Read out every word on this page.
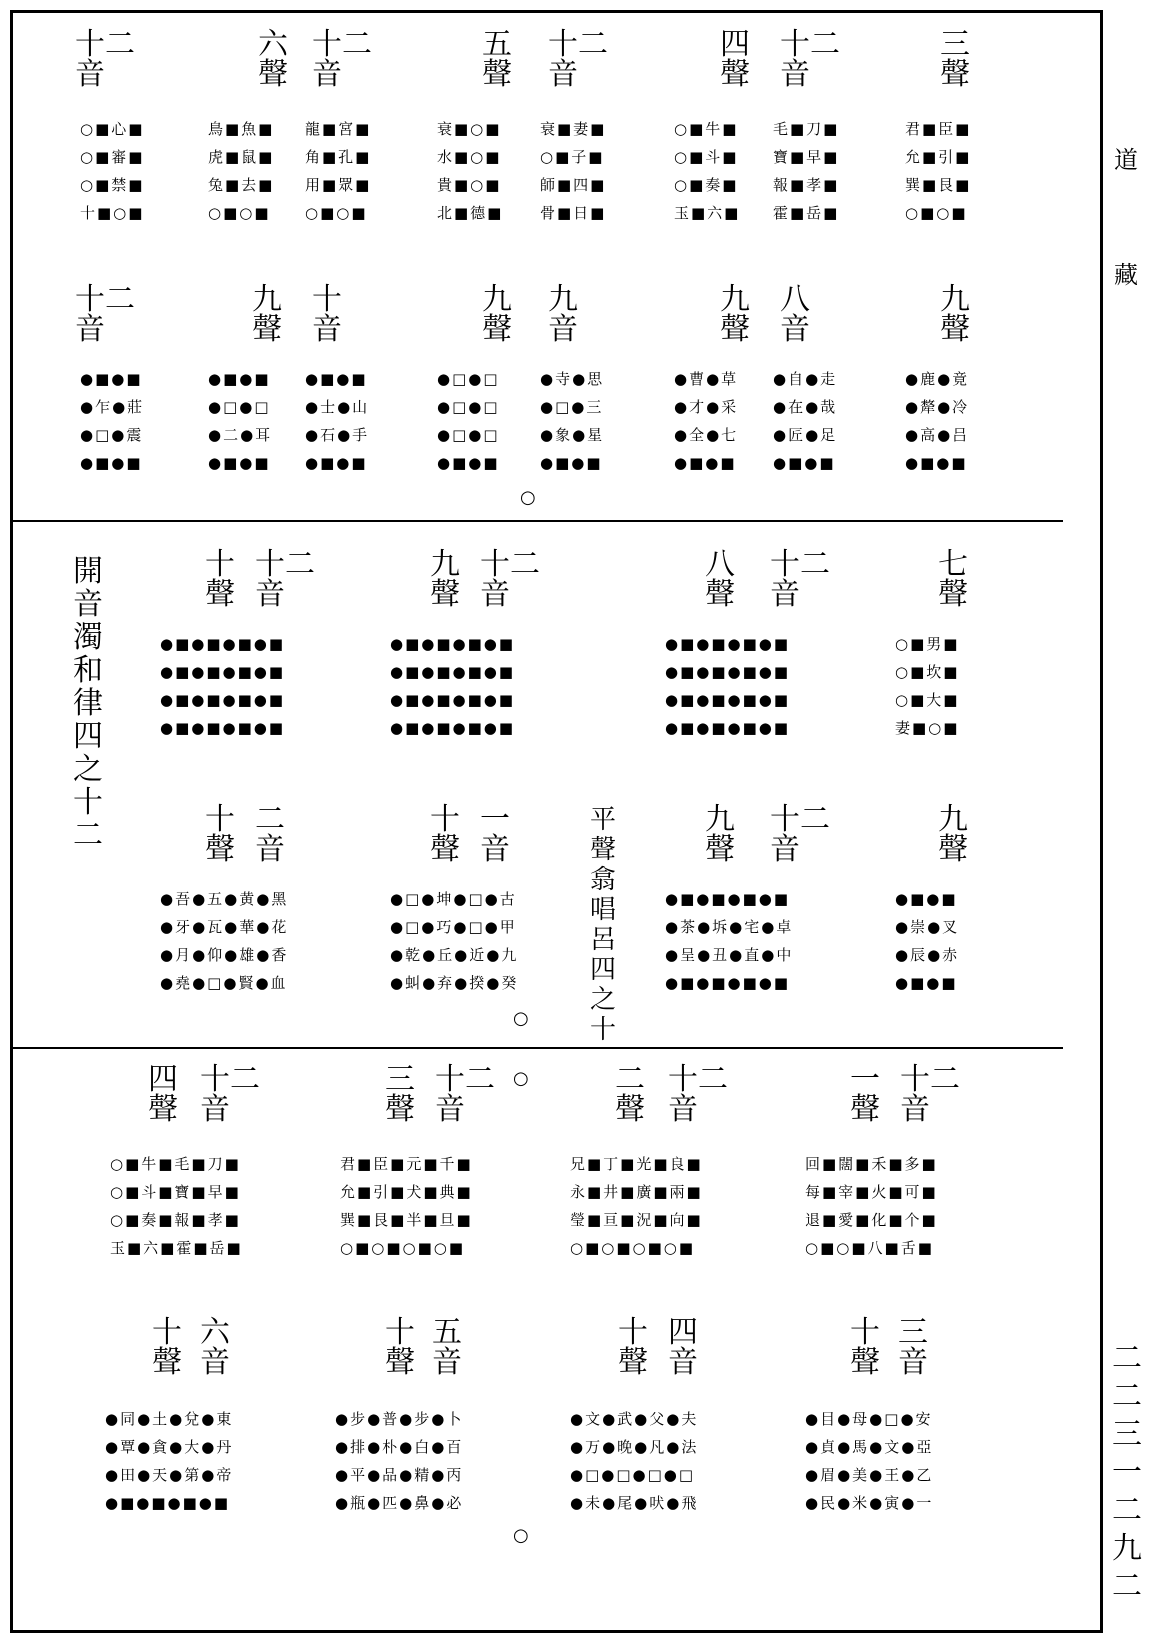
道
藏
二
二
三
一
二
九
二
開
音
濁
和
律
四
之
十
二	平
聲
翕
唱
呂
四
之
十
○
○
○
○
十二
音
○■心■
○■審■
○■禁■
十■○■
六
聲
鳥■魚■
虎■鼠■
兔■去■
○■○■
十二
音
龍■宮■
角■孔■
用■眾■
○■○■
五
聲
衰■○■
水■○■
貴■○■
北■德■
十二
音
衰■妻■
○■子■
師■四■
骨■日■
四
聲
○■牛■
○■斗■
○■奏■
玉■六■
十二
音
毛■刀■
寶■早■
報■孝■
霍■岳■
三
聲
君■臣■
允■引■
巽■艮■
○■○■
十二
音
●■●■
●乍●莊
●□●震
●■●■
九
聲
●■●■
●□●□
●二●耳
●■●■
十
音
●■●■
●士●山
●石●手
●■●■
九
聲
●□●□
●□●□
●□●□
●■●■
九
音
●寺●思
●□●三
●象●星
●■●■
九
聲
●曹●草
●才●采
●全●七
●■●■
八
音
●自●走
●在●哉
●匠●足
●■●■
九
聲
●鹿●竟
●犛●冷
●高●吕
●■●■
十
聲
●■●■●■●■
●■●■●■●■
●■●■●■●■
●■●■●■●■
十二
音
九
聲
●■●■●■●■
●■●■●■●■
●■●■●■●■
●■●■●■●■
十二
音
八
聲
●■●■●■●■
●■●■●■●■
●■●■●■●■
●■●■●■●■
十二
音
七
聲
○■男■
○■坎■
○■大■
妻■○■
十
聲
●吾●五●黄●黑
●牙●瓦●華●花
●月●仰●雄●香
●堯●□●賢●血
二
音
十
聲
●□●坤●□●古
●□●巧●□●甲
●乾●丘●近●九
●虯●弃●揆●癸
一
音
九
聲
●■●■●■●■
●茶●坼●宅●卓
●呈●丑●直●中
●■●■●■●■
十二
音
九
聲
●■●■
●崇●叉
●辰●赤
●■●■
四
聲
○■牛■毛■刀■
○■斗■寶■早■
○■奏■報■孝■
玉■六■霍■岳■
十二
音
三
聲
君■臣■元■千■
允■引■犬■典■
巽■艮■半■旦■
○■○■○■○■
十二
音
二
聲
兄■丁■光■良■
永■井■廣■兩■
瑩■亘■況■向■
○■○■○■○■
十二
音
一
聲
回■闊■禾■多■
每■宰■火■可■
退■愛■化■个■
○■○■八■舌■
十二
音
十
聲
●同●土●兌●東
●覃●貪●大●丹
●田●天●第●帝
●■●■●■●■
六
音
十
聲
●步●普●步●卜
●排●朴●白●百
●平●品●精●丙
●瓶●匹●鼻●必
五
音
十
聲
●文●武●父●夫
●万●晚●凡●法
●□●□●□●□
●未●尾●吠●飛
四
音
十
聲
●目●母●□●安
●貞●馬●文●亞
●眉●美●王●乙
●民●米●寅●一
三
音
